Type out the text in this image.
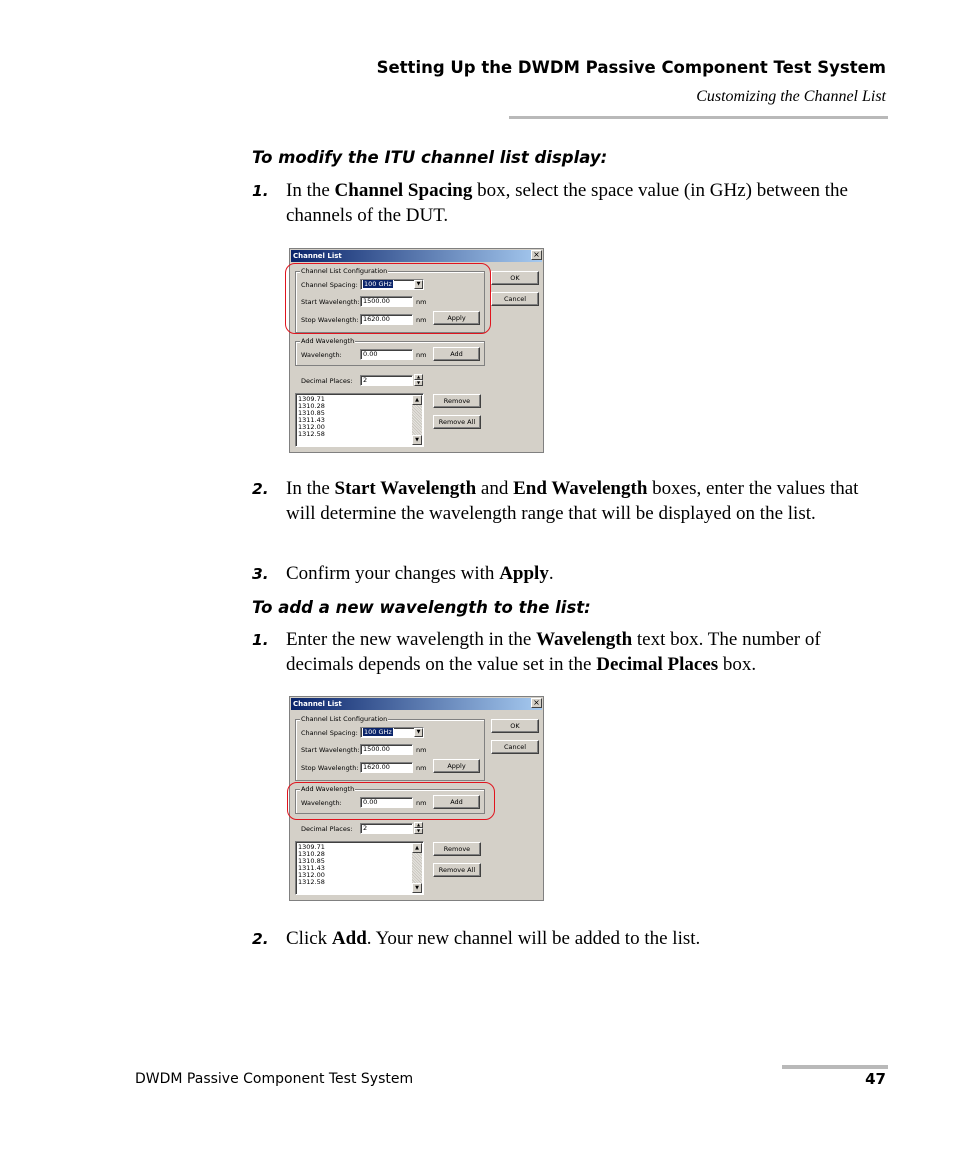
Setting Up the DWDM Passive Component Test System
Customizing the Channel List
To modify the ITU channel list display:
1. In the Channel Spacing box, select the space value (in GHz) between the channels of the DUT.
Channel List	×
Channel List Configuration
Channel Spacing: 100 GHz	▼
Start Wavelength: 1500.00	nm
Stop Wavelength: 1620.00	nm	Apply
OK
Cancel
Add Wavelength
Wavelength:	0.00	nm	Add
Decimal Places:	2	▲
▼
1309.71
1310.28
1310.85
1311.43
1312.00
1312.58
▲
▼
Remove
Remove All
2. In the Start Wavelength and End Wavelength boxes, enter the values that will determine the wavelength range that will be displayed on the list.
3. Confirm your changes with Apply.
To add a new wavelength to the list:
1. Enter the new wavelength in the Wavelength text box. The number of decimals depends on the value set in the Decimal Places box.
Channel List	×
Channel List Configuration
Channel Spacing: 100 GHz	▼
Start Wavelength: 1500.00	nm
Stop Wavelength: 1620.00	nm	Apply
OK
Cancel
Add Wavelength
Wavelength:	0.00	nm	Add
Decimal Places:	2	▲
▼
1309.71
1310.28
1310.85
1311.43
1312.00
1312.58
▲
▼
Remove
Remove All
2. Click Add. Your new channel will be added to the list.
DWDM Passive Component Test System	47
